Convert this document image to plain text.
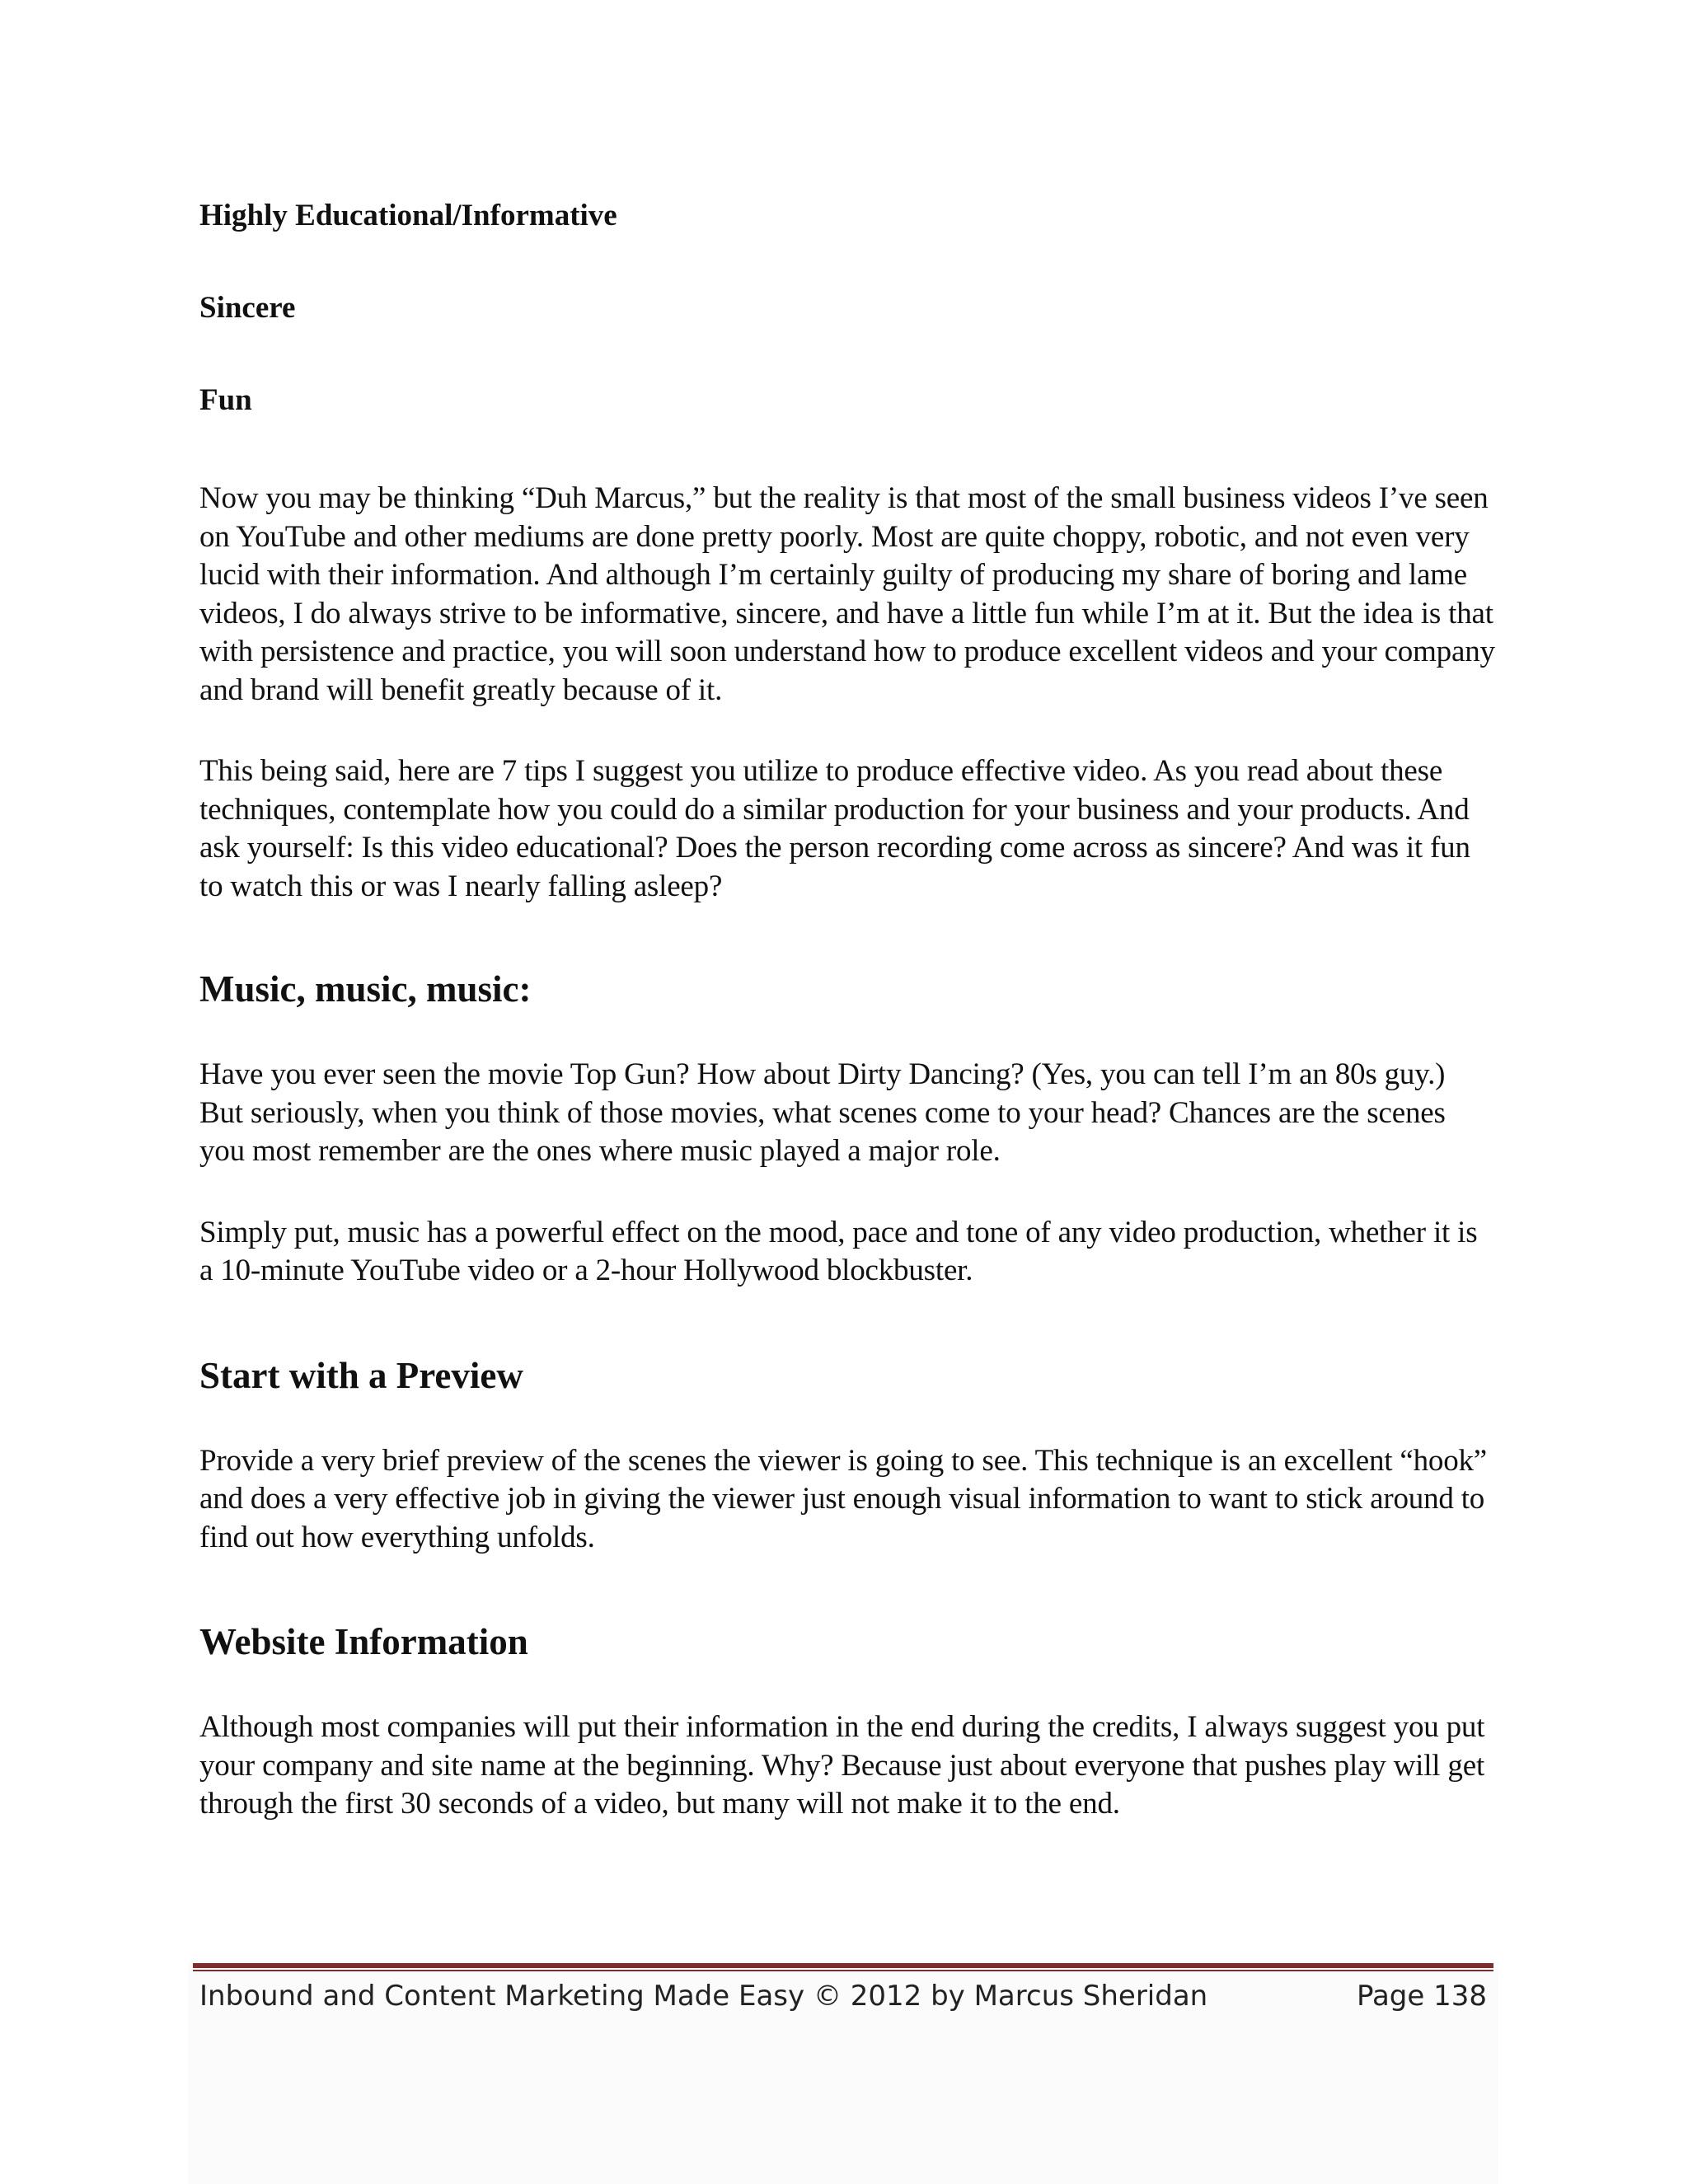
Highly Educational/Informative

Sincere

Fun

Now you may be thinking “Duh Marcus,” but the reality is that most of the small business videos I’ve seen on YouTube and other mediums are done pretty poorly. Most are quite choppy, robotic, and not even very lucid with their information. And although I’m certainly guilty of producing my share of boring and lame videos, I do always strive to be informative, sincere, and have a little fun while I’m at it. But the idea is that with persistence and practice, you will soon understand how to produce excellent videos and your company and brand will benefit greatly because of it.

This being said, here are 7 tips I suggest you utilize to produce effective video. As you read about these techniques, contemplate how you could do a similar production for your business and your products. And ask yourself: Is this video educational? Does the person recording come across as sincere? And was it fun to watch this or was I nearly falling asleep?

Music, music, music:

Have you ever seen the movie Top Gun? How about Dirty Dancing? (Yes, you can tell I’m an 80s guy.) But seriously, when you think of those movies, what scenes come to your head? Chances are the scenes you most remember are the ones where music played a major role.

Simply put, music has a powerful effect on the mood, pace and tone of any video production, whether it is a 10-minute YouTube video or a 2-hour Hollywood blockbuster.

Start with a Preview

Provide a very brief preview of the scenes the viewer is going to see. This technique is an excellent “hook” and does a very effective job in giving the viewer just enough visual information to want to stick around to find out how everything unfolds.

Website Information

Although most companies will put their information in the end during the credits, I always suggest you put your company and site name at the beginning. Why? Because just about everyone that pushes play will get through the first 30 seconds of a video, but many will not make it to the end.

Inbound and Content Marketing Made Easy © 2012 by Marcus Sheridan	Page 138
